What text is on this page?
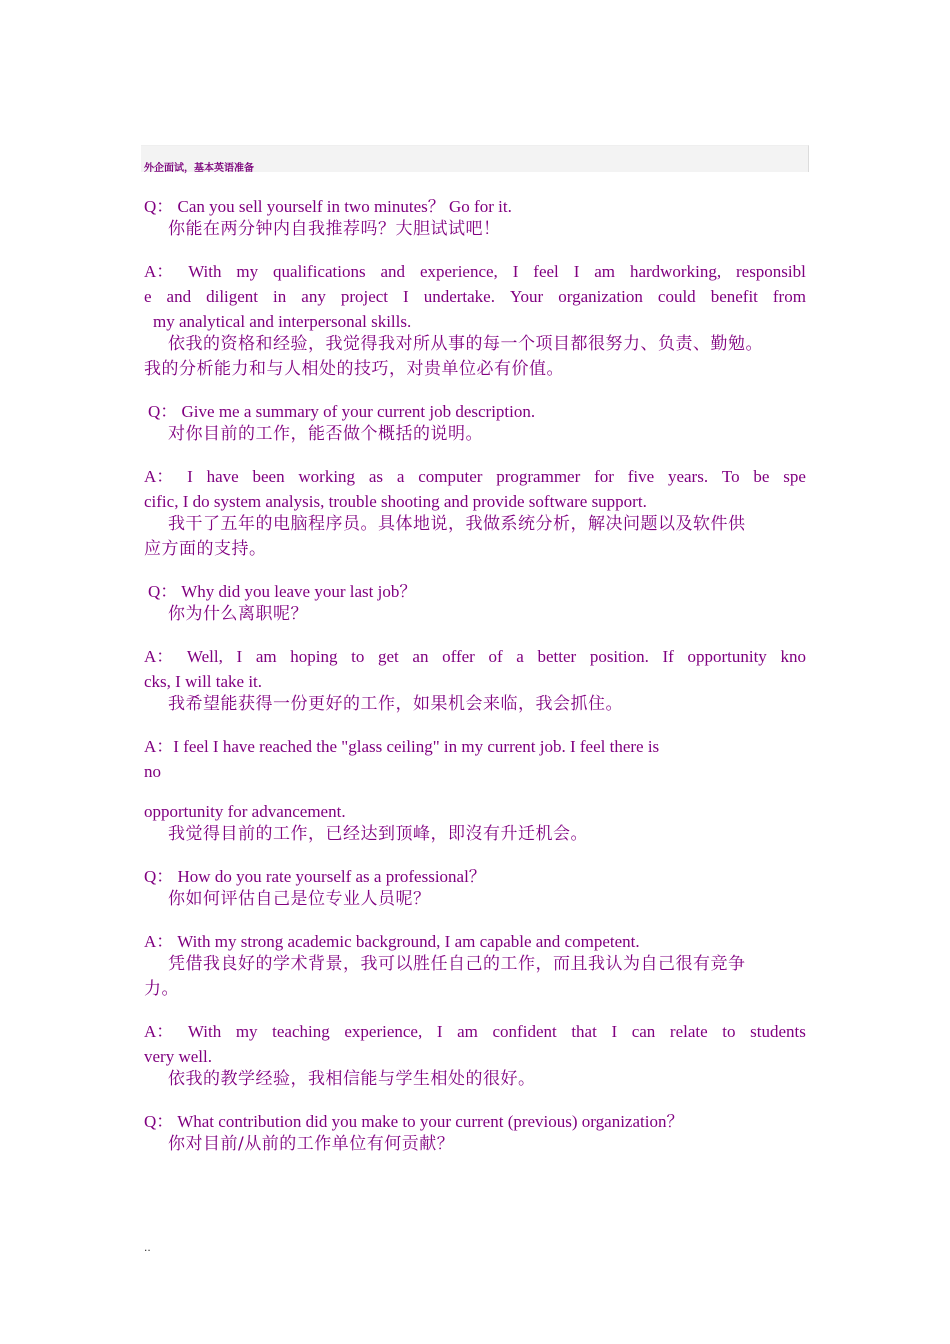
外企面试，基本英语准备
Q： Can you sell yourself in two minutes？ Go for it.
你能在两分钟内自我推荐吗？大胆试试吧！
A： With my qualifications and experience, I feel I am hardworking, responsibl
e and diligent in any project I undertake. Your organization could benefit from
my analytical and interpersonal skills.
依我的资格和经验，我觉得我对所从事的每一个项目都很努力、负责、勤勉。
我的分析能力和与人相处的技巧，对贵单位必有价值。
Q： Give me a summary of your current job description.
对你目前的工作，能否做个概括的说明。
A： I have been working as a computer programmer for five years. To be spe
cific, I do system analysis, trouble shooting and provide software support.
我干了五年的电脑程序员。具体地说，我做系统分析，解决问题以及软件供
应方面的支持。
Q： Why did you leave your last job？
你为什么离职呢？
A： Well, I am hoping to get an offer of a better position. If opportunity kno
cks, I will take it.
我希望能获得一份更好的工作，如果机会来临，我会抓住。
A：I feel I have reached the "glass ceiling" in my current job. I feel there is
no
opportunity for advancement.
我觉得目前的工作，已经达到顶峰，即沒有升迁机会。
Q： How do you rate yourself as a professional？
你如何评估自己是位专业人员呢？
A： With my strong academic background, I am capable and competent.
凭借我良好的学术背景，我可以胜任自己的工作，而且我认为自己很有竞争
力。
A： With my teaching experience, I am confident that I can relate to students
very well.
依我的教学经验，我相信能与学生相处的很好。
Q： What contribution did you make to your current (previous) organization？
你对目前/从前的工作单位有何贡献？
..
